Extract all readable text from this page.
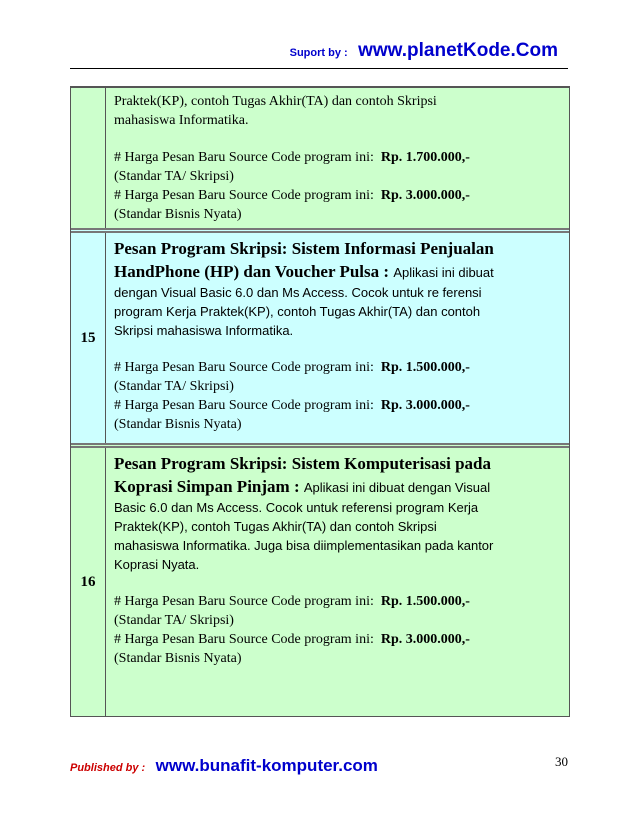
Suport by : www.planetKode.Com
Praktek(KP), contoh Tugas Akhir(TA) dan contoh Skripsi
mahasiswa Informatika.
# Harga Pesan Baru Source Code program ini: Rp. 1.700.000,-
(Standar TA/ Skripsi)
# Harga Pesan Baru Source Code program ini: Rp. 3.000.000,-
(Standar Bisnis Nyata)
15
Pesan Program Skripsi: Sistem Informasi Penjualan
HandPhone (HP) dan Voucher Pulsa : Aplikasi ini dibuat
dengan Visual Basic 6.0 dan Ms Access. Cocok untuk re ferensi
program Kerja Praktek(KP), contoh Tugas Akhir(TA) dan contoh
Skripsi mahasiswa Informatika.
# Harga Pesan Baru Source Code program ini: Rp. 1.500.000,-
(Standar TA/ Skripsi)
# Harga Pesan Baru Source Code program ini: Rp. 3.000.000,-
(Standar Bisnis Nyata)
16
Pesan Program Skripsi: Sistem Komputerisasi pada
Koprasi Simpan Pinjam : Aplikasi ini dibuat dengan Visual
Basic 6.0 dan Ms Access. Cocok untuk referensi program Kerja
Praktek(KP), contoh Tugas Akhir(TA) dan contoh Skripsi
mahasiswa Informatika. Juga bisa diimplementasikan pada kantor
Koprasi Nyata.
# Harga Pesan Baru Source Code program ini: Rp. 1.500.000,-
(Standar TA/ Skripsi)
# Harga Pesan Baru Source Code program ini: Rp. 3.000.000,-
(Standar Bisnis Nyata)
Published by : www.bunafit-komputer.com	30
